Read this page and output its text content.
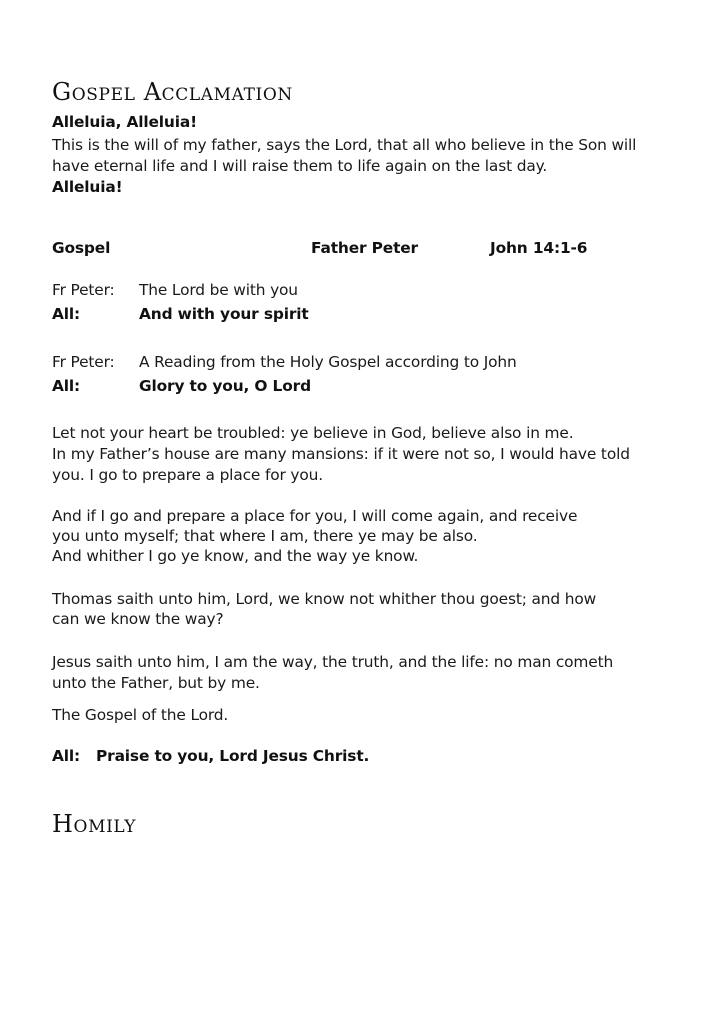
Gospel Acclamation
Alleluia, Alleluia!
This is the will of my father, says the Lord, that all who believe in the Son will
have eternal life and I will raise them to life again on the last day.
Alleluia!
Gospel	Father Peter	John 14:1-6
Fr Peter: The Lord be with you
All:	And with your spirit
Fr Peter: A Reading from the Holy Gospel according to John
All:	Glory to you, O Lord
Let not your heart be troubled: ye believe in God, believe also in me.
In my Father’s house are many mansions: if it were not so, I would have told
you. I go to prepare a place for you.
And if I go and prepare a place for you, I will come again, and receive
you unto myself; that where I am, there ye may be also.
And whither I go ye know, and the way ye know.
Thomas saith unto him, Lord, we know not whither thou goest; and how
can we know the way?
Jesus saith unto him, I am the way, the truth, and the life: no man cometh
unto the Father, but by me.
The Gospel of the Lord.
All: Praise to you, Lord Jesus Christ.
Homily
